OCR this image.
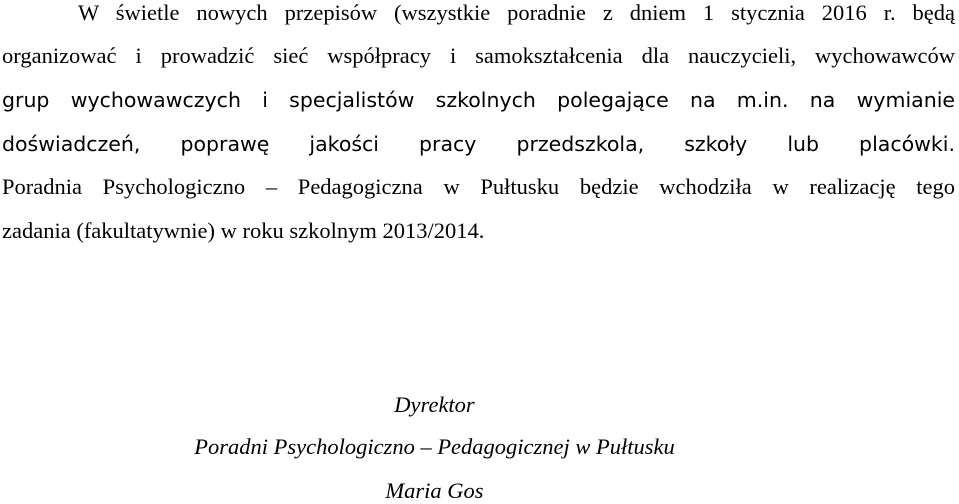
W świetle nowych przepisów (wszystkie poradnie z dniem 1 stycznia 2016 r. będą
organizować i prowadzić sieć współpracy i samokształcenia dla nauczycieli, wychowawców
grup wychowawczych i specjalistów szkolnych polegające na m.in. na wymianie
doświadczeń, poprawę jakości pracy przedszkola, szkoły lub placówki.
Poradnia Psychologiczno – Pedagogiczna w Pułtusku będzie wchodziła w realizację tego
zadania (fakultatywnie) w roku szkolnym 2013/2014.
Dyrektor
Poradni Psychologiczno – Pedagogicznej w Pułtusku
Maria Gos
